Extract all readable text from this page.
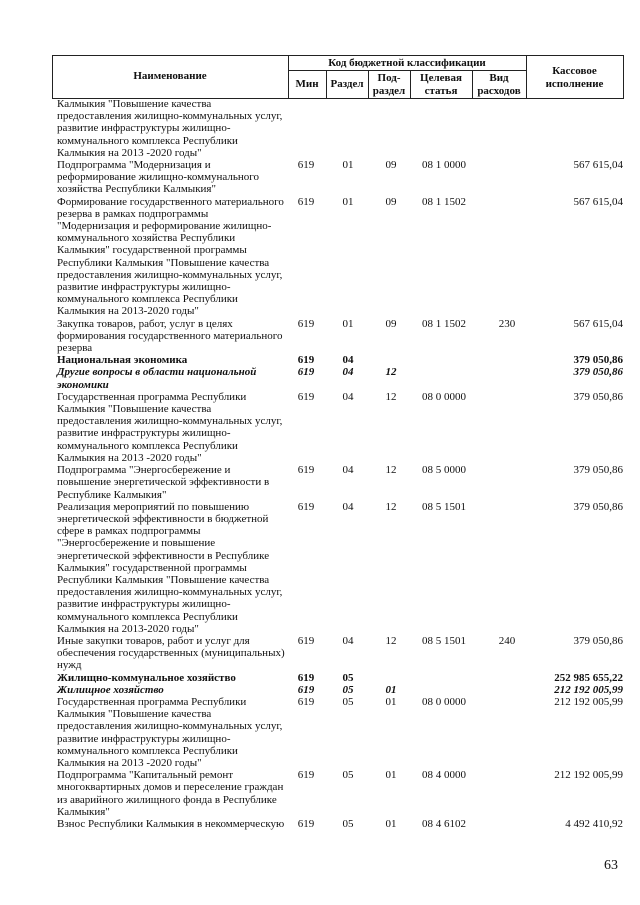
Наименование
Код бюджетной классификации
Мин	Раздел	Под-
раздел
Целевая
статья
Вид
расходов
Кассовое
исполнение
Калмыкия "Повышение качества
предоставления жилищно-коммунальных услуг,
развитие инфраструктуры жилищно-
коммунального комплекса Республики
Калмыкия на 2013 -2020 годы"
Подпрограмма "Модернизация и
реформирование жилищно-коммунального
хозяйства Республики Калмыкия"
619	01	09	08 1 0000	567 615,04
Формирование государственного материального
резерва в рамках подпрограммы
"Модернизация и реформирование жилищно-
коммунального хозяйства Республики
Калмыкия" государственной программы
Республики Калмыкия "Повышение качества
предоставления жилищно-коммунальных услуг,
развитие инфраструктуры жилищно-
коммунального комплекса Республики
Калмыкия на 2013-2020 годы"
619	01	09	08 1 1502	567 615,04
Закупка товаров, работ, услуг в целях
формирования государственного материального
резерва
619	01	09	08 1 1502	230	567 615,04
Национальная экономика	619	04	379 050,86
Другие вопросы в области национальной
экономики
619	04	12	379 050,86
Государственная программа Республики
Калмыкия "Повышение качества
предоставления жилищно-коммунальных услуг,
развитие инфраструктуры жилищно-
коммунального комплекса Республики
Калмыкия на 2013 -2020 годы"
619	04	12	08 0 0000	379 050,86
Подпрограмма "Энергосбережение и
повышение энергетической эффективности в
Республике Калмыкия"
619	04	12	08 5 0000	379 050,86
Реализация мероприятий по повышению
энергетической эффективности в бюджетной
сфере в рамках подпрограммы
"Энергосбережение и повышение
энергетической эффективности в Республике
Калмыкия" государственной программы
Республики Калмыкия "Повышение качества
предоставления жилищно-коммунальных услуг,
развитие инфраструктуры жилищно-
коммунального комплекса Республики
Калмыкия на 2013-2020 годы"
619	04	12	08 5 1501	379 050,86
Иные закупки товаров, работ и услуг для
обеспечения государственных (муниципальных)
нужд
619	04	12	08 5 1501	240	379 050,86
Жилищно-коммунальное хозяйство	619	05	252 985 655,22
Жилищное хозяйство	619	05	01	212 192 005,99
Государственная программа Республики
Калмыкия "Повышение качества
предоставления жилищно-коммунальных услуг,
развитие инфраструктуры жилищно-
коммунального комплекса Республики
Калмыкия на 2013 -2020 годы"
619	05	01	08 0 0000	212 192 005,99
Подпрограмма "Капитальный ремонт
многоквартирных домов и переселение граждан
из аварийного жилищного фонда в Республике
Калмыкия"
619	05	01	08 4 0000	212 192 005,99
Взнос Республики Калмыкия в некоммерческую	619	05	01	08 4 6102	4 492 410,92
63
